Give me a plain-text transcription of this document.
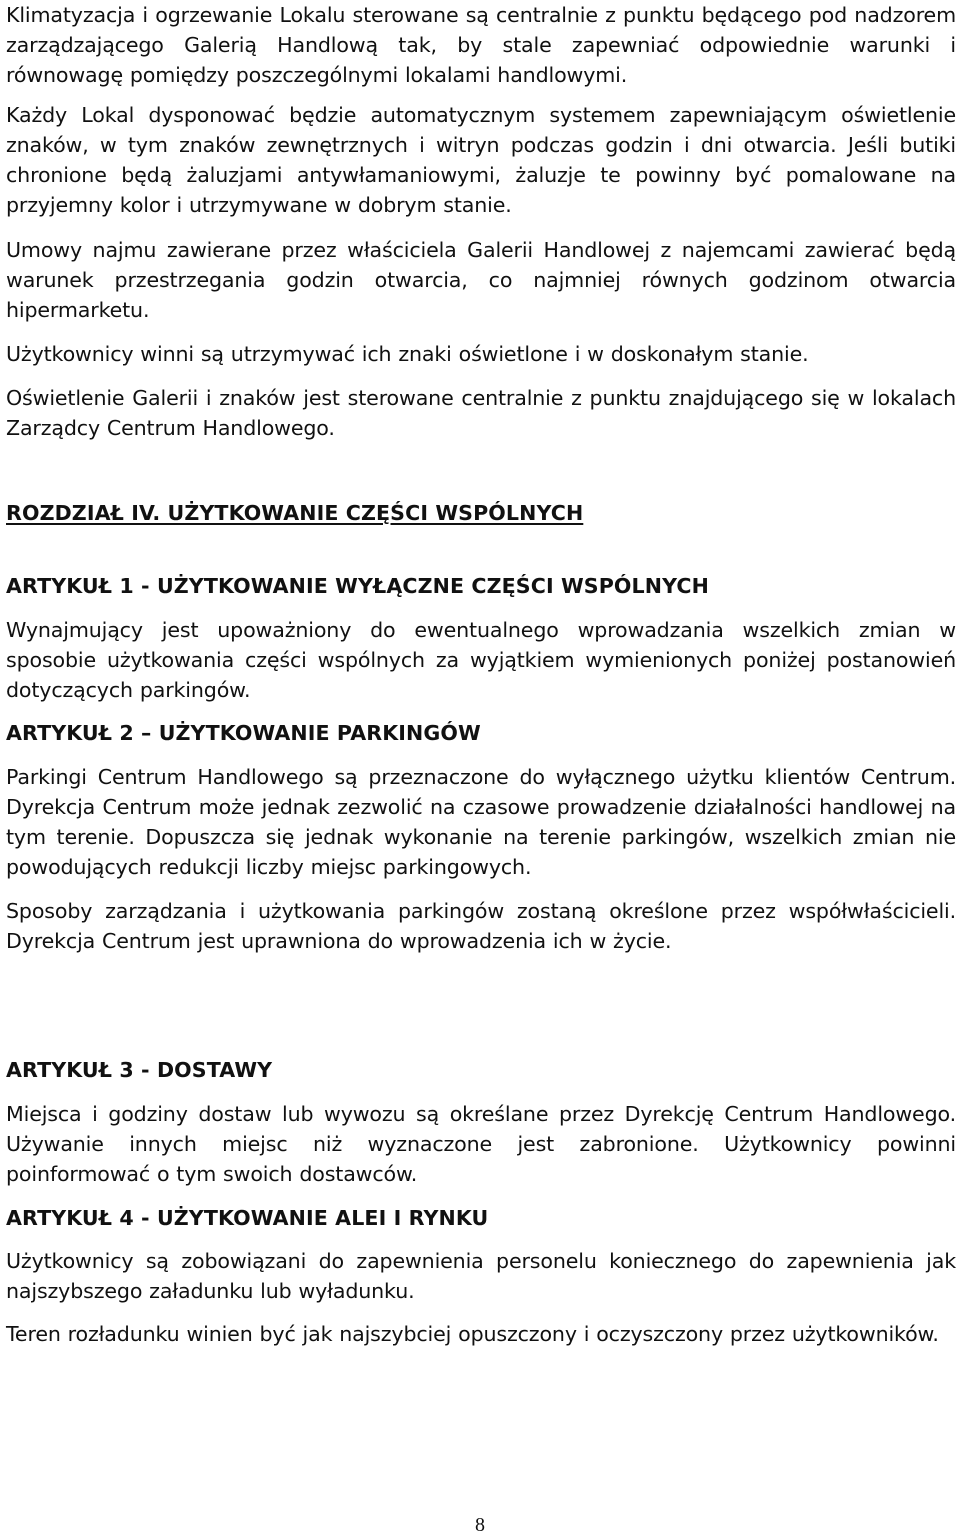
Klimatyzacja i ogrzewanie Lokalu sterowane są centralnie z punktu będącego pod nadzorem zarządzającego Galerią Handlową tak, by stale zapewniać odpowiednie warunki i równowagę pomiędzy poszczególnymi lokalami handlowymi.

Każdy Lokal dysponować będzie automatycznym systemem zapewniającym oświetlenie znaków, w tym znaków zewnętrznych i witryn podczas godzin i dni otwarcia. Jeśli butiki chronione będą żaluzjami antywłamaniowymi, żaluzje te powinny być pomalowane na przyjemny kolor i utrzymywane w dobrym stanie.

Umowy najmu zawierane przez właściciela Galerii Handlowej z najemcami zawierać będą warunek przestrzegania godzin otwarcia, co najmniej równych godzinom otwarcia hipermarketu.

Użytkownicy winni są utrzymywać ich znaki oświetlone i w doskonałym stanie.

Oświetlenie Galerii i znaków jest sterowane centralnie z punktu znajdującego się w lokalach Zarządcy Centrum Handlowego.

ROZDZIAŁ IV. UŻYTKOWANIE CZĘŚCI WSPÓLNYCH
ARTYKUŁ 1 - UŻYTKOWANIE WYŁĄCZNE CZĘŚCI WSPÓLNYCH

Wynajmujący jest upoważniony do ewentualnego wprowadzania wszelkich zmian w sposobie użytkowania części wspólnych za wyjątkiem wymienionych poniżej postanowień dotyczących parkingów.

ARTYKUŁ 2 – UŻYTKOWANIE PARKINGÓW

Parkingi Centrum Handlowego są przeznaczone do wyłącznego użytku klientów Centrum. Dyrekcja Centrum może jednak zezwolić na czasowe prowadzenie działalności handlowej na tym terenie. Dopuszcza się jednak wykonanie na terenie parkingów, wszelkich zmian nie powodujących redukcji liczby miejsc parkingowych.

Sposoby zarządzania i użytkowania parkingów zostaną określone przez współwłaścicieli. Dyrekcja Centrum jest uprawniona do wprowadzenia ich w życie.

ARTYKUŁ 3 - DOSTAWY

Miejsca i godziny dostaw lub wywozu są określane przez Dyrekcję Centrum Handlowego. Używanie innych miejsc niż wyznaczone jest zabronione. Użytkownicy powinni poinformować o tym swoich dostawców.

ARTYKUŁ 4 - UŻYTKOWANIE ALEI I RYNKU

Użytkownicy są zobowiązani do zapewnienia personelu koniecznego do zapewnienia jak najszybszego załadunku lub wyładunku.

Teren rozładunku winien być jak najszybciej opuszczony i oczyszczony przez użytkowników.

8
